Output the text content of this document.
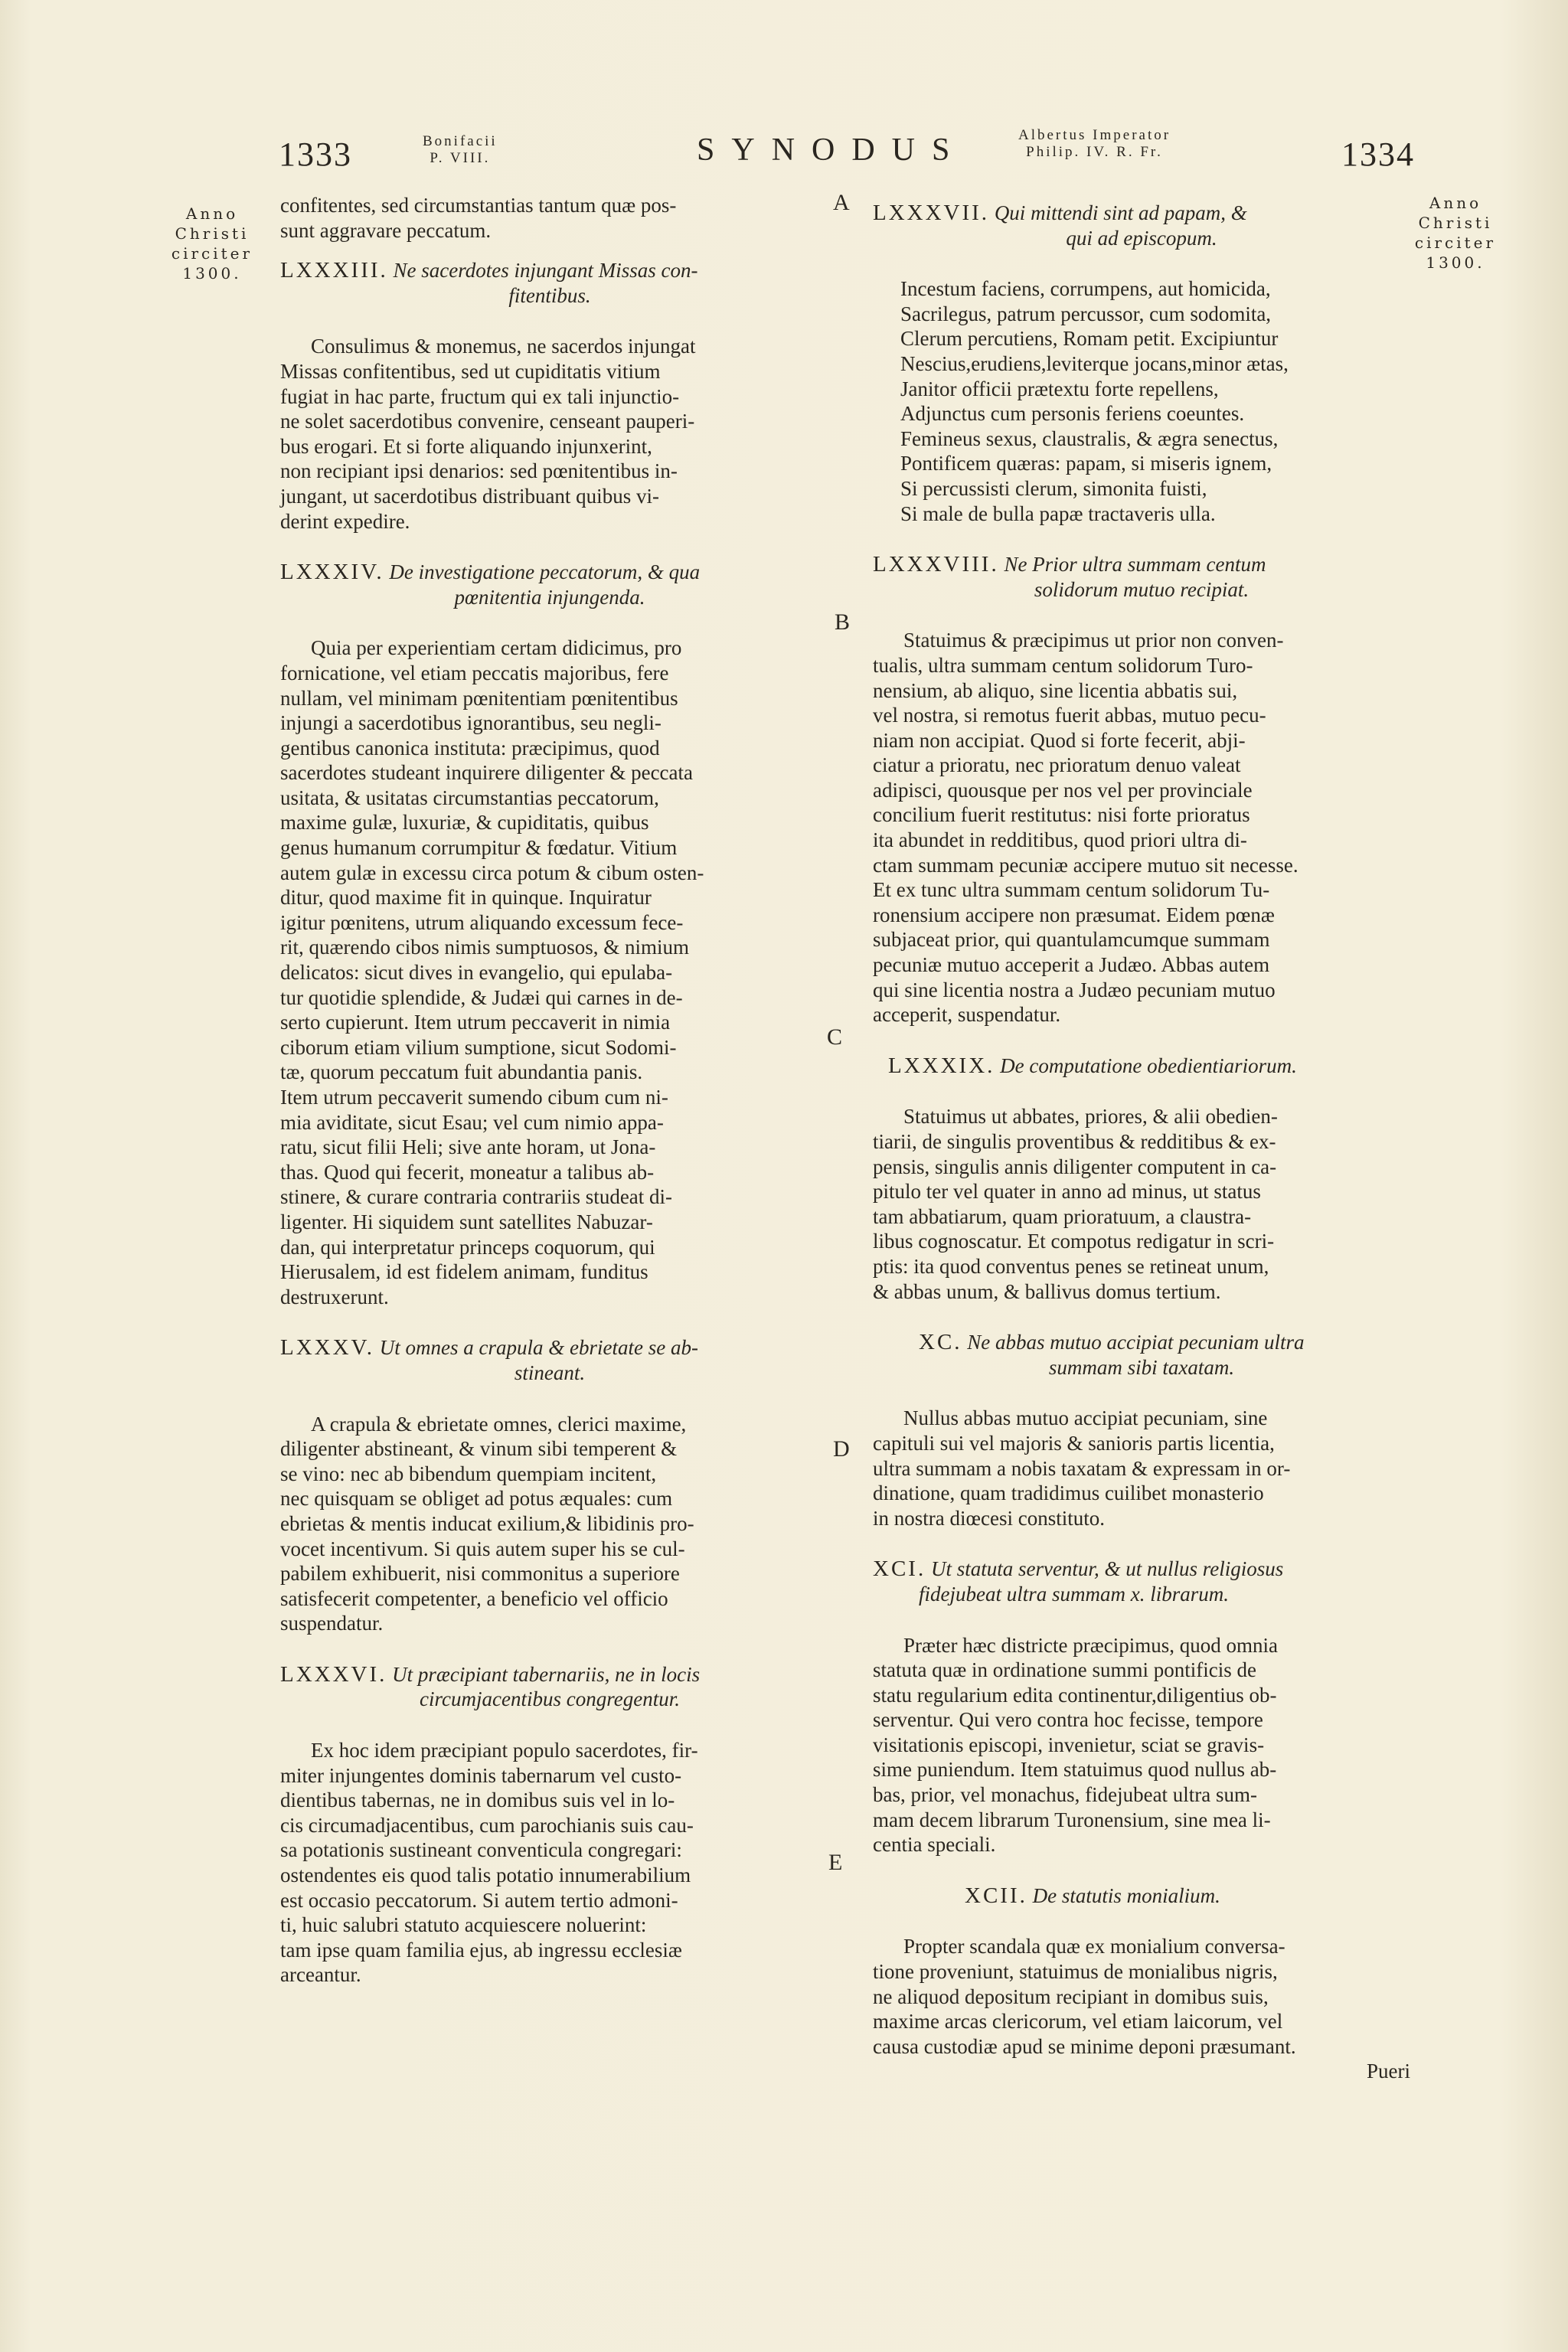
1333	Bonifacii
P. VIII.	SYNODUS	Albertus Imperator
Philip. IV. R. Fr.	1334
Anno
Christi
circiter
1300.
Anno
Christi
circiter
1300.
A
B
C
D
E

confitentes, sed circumstantias tantum quæ pos-

sunt aggravare peccatum.

LXXXIII. Ne sacerdotes injungant Missas con-

fitentibus.

Consulimus & monemus, ne sacerdos injungat

Missas confitentibus, sed ut cupiditatis vitium

fugiat in hac parte, fructum qui ex tali injunctio-

ne solet sacerdotibus convenire, censeant pauperi-

bus erogari. Et si forte aliquando injunxerint,

non recipiant ipsi denarios: sed pœnitentibus in-

jungant, ut sacerdotibus distribuant quibus vi-

derint expedire.

LXXXIV. De investigatione peccatorum, & qua

pœnitentia injungenda.

Quia per experientiam certam didicimus, pro

fornicatione, vel etiam peccatis majoribus, fere

nullam, vel minimam pœnitentiam pœnitentibus

injungi a sacerdotibus ignorantibus, seu negli-

gentibus canonica instituta: præcipimus, quod

sacerdotes studeant inquirere diligenter & peccata

usitata, & usitatas circumstantias peccatorum,

maxime gulæ, luxuriæ, & cupiditatis, quibus

genus humanum corrumpitur & fœdatur. Vitium

autem gulæ in excessu circa potum & cibum osten-

ditur, quod maxime fit in quinque. Inquiratur

igitur pœnitens, utrum aliquando excessum fece-

rit, quærendo cibos nimis sumptuosos, & nimium

delicatos: sicut dives in evangelio, qui epulaba-

tur quotidie splendide, & Judæi qui carnes in de-

serto cupierunt. Item utrum peccaverit in nimia

ciborum etiam vilium sumptione, sicut Sodomi-

tæ, quorum peccatum fuit abundantia panis.

Item utrum peccaverit sumendo cibum cum ni-

mia aviditate, sicut Esau; vel cum nimio appa-

ratu, sicut filii Heli; sive ante horam, ut Jona-

thas. Quod qui fecerit, moneatur a talibus ab-

stinere, & curare contraria contrariis studeat di-

ligenter. Hi siquidem sunt satellites Nabuzar-

dan, qui interpretatur princeps coquorum, qui

Hierusalem, id est fidelem animam, funditus

destruxerunt.

LXXXV. Ut omnes a crapula & ebrietate se ab-

stineant.

A crapula & ebrietate omnes, clerici maxime,

diligenter abstineant, & vinum sibi temperent &

se vino: nec ab bibendum quempiam incitent,

nec quisquam se obliget ad potus æquales: cum

ebrietas & mentis inducat exilium,& libidinis pro-

vocet incentivum. Si quis autem super his se cul-

pabilem exhibuerit, nisi commonitus a superiore

satisfecerit competenter, a beneficio vel officio

suspendatur.

LXXXVI. Ut præcipiant tabernariis, ne in locis

circumjacentibus congregentur.

Ex hoc idem præcipiant populo sacerdotes, fir-

miter injungentes dominis tabernarum vel custo-

dientibus tabernas, ne in domibus suis vel in lo-

cis circumadjacentibus, cum parochianis suis cau-

sa potationis sustineant conventicula congregari:

ostendentes eis quod talis potatio innumerabilium

est occasio peccatorum. Si autem tertio admoni-

ti, huic salubri statuto acquiescere noluerint:

tam ipse quam familia ejus, ab ingressu ecclesiæ

arceantur.

LXXXVII. Qui mittendi sint ad papam, &

qui ad episcopum.

Incestum faciens, corrumpens, aut homicida,

Sacrilegus, patrum percussor, cum sodomita,

Clerum percutiens, Romam petit. Excipiuntur

Nescius,erudiens,leviterque jocans,minor ætas,

Janitor officii prætextu forte repellens,

Adjunctus cum personis feriens coeuntes.

Femineus sexus, claustralis, & ægra senectus,

Pontificem quæras: papam, si miseris ignem,

Si percussisti clerum, simonita fuisti,

Si male de bulla papæ tractaveris ulla.

LXXXVIII. Ne Prior ultra summam centum

solidorum mutuo recipiat.

Statuimus & præcipimus ut prior non conven-

tualis, ultra summam centum solidorum Turo-

nensium, ab aliquo, sine licentia abbatis sui,

vel nostra, si remotus fuerit abbas, mutuo pecu-

niam non accipiat. Quod si forte fecerit, abji-

ciatur a prioratu, nec prioratum denuo valeat

adipisci, quousque per nos vel per provinciale

concilium fuerit restitutus: nisi forte prioratus

ita abundet in redditibus, quod priori ultra di-

ctam summam pecuniæ accipere mutuo sit necesse.

Et ex tunc ultra summam centum solidorum Tu-

ronensium accipere non præsumat. Eidem pœnæ

subjaceat prior, qui quantulamcumque summam

pecuniæ mutuo acceperit a Judæo. Abbas autem

qui sine licentia nostra a Judæo pecuniam mutuo

acceperit, suspendatur.

LXXXIX. De computatione obedientiariorum.

Statuimus ut abbates, priores, & alii obedien-

tiarii, de singulis proventibus & redditibus & ex-

pensis, singulis annis diligenter computent in ca-

pitulo ter vel quater in anno ad minus, ut status

tam abbatiarum, quam prioratuum, a claustra-

libus cognoscatur. Et compotus redigatur in scri-

ptis: ita quod conventus penes se retineat unum,

& abbas unum, & ballivus domus tertium.

XC. Ne abbas mutuo accipiat pecuniam ultra

summam sibi taxatam.

Nullus abbas mutuo accipiat pecuniam, sine

capituli sui vel majoris & sanioris partis licentia,

ultra summam a nobis taxatam & expressam in or-

dinatione, quam tradidimus cuilibet monasterio

in nostra diœcesi constituto.

XCI. Ut statuta serventur, & ut nullus religiosus

fidejubeat ultra summam x. librarum.

Præter hæc districte præcipimus, quod omnia

statuta quæ in ordinatione summi pontificis de

statu regularium edita continentur,diligentius ob-

serventur. Qui vero contra hoc fecisse, tempore

visitationis episcopi, invenietur, sciat se gravis-

sime puniendum. Item statuimus quod nullus ab-

bas, prior, vel monachus, fidejubeat ultra sum-

mam decem librarum Turonensium, sine mea li-

centia speciali.

XCII. De statutis monialium.

Propter scandala quæ ex monialium conversa-

tione proveniunt, statuimus de monialibus nigris,

ne aliquod depositum recipiant in domibus suis,

maxime arcas clericorum, vel etiam laicorum, vel

causa custodiæ apud se minime deponi præsumant.

Pueri
